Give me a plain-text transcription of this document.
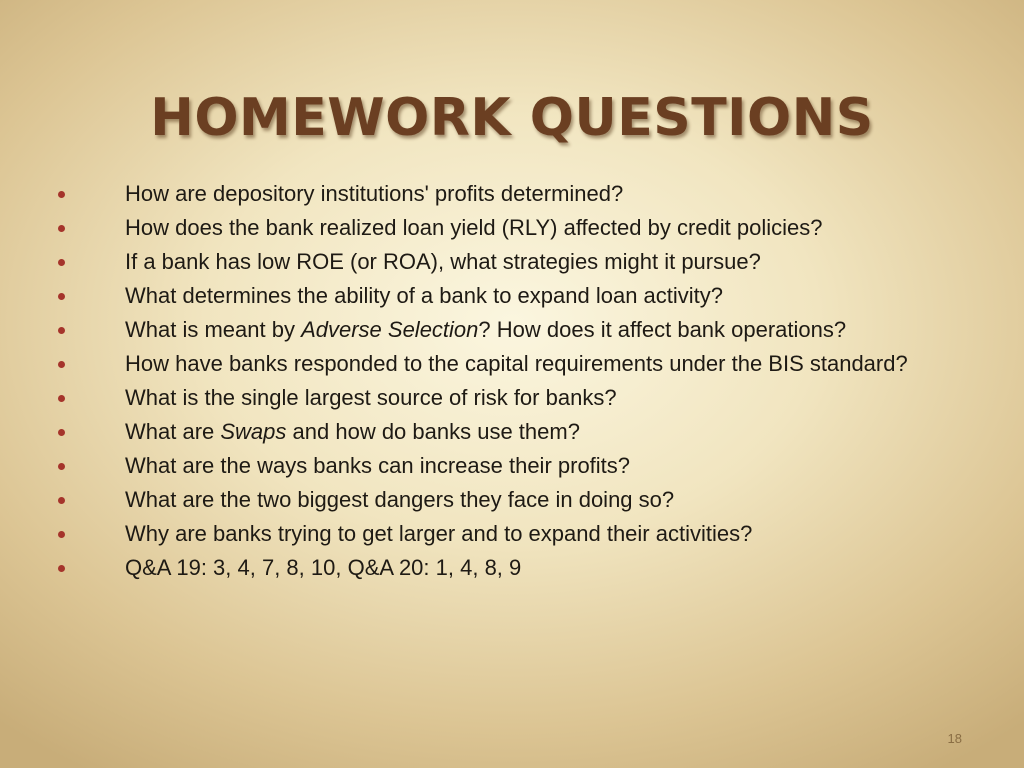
HOMEWORK QUESTIONS
How are depository institutions' profits determined?
How does the bank realized loan yield (RLY) affected by credit policies?
If a bank has low ROE (or ROA), what strategies might it pursue?
What determines the ability of a bank to expand loan activity?
What is meant by Adverse Selection? How does it affect bank operations?
How have banks responded to the capital requirements under the BIS standard?
What is the single largest source of risk for banks?
What are Swaps and how do banks use them?
What are the ways banks can increase their profits?
What are the two biggest dangers they face in doing so?
Why are banks trying to get larger and to expand their activities?
Q&A 19: 3, 4, 7, 8, 10, Q&A 20: 1, 4, 8, 9
18
